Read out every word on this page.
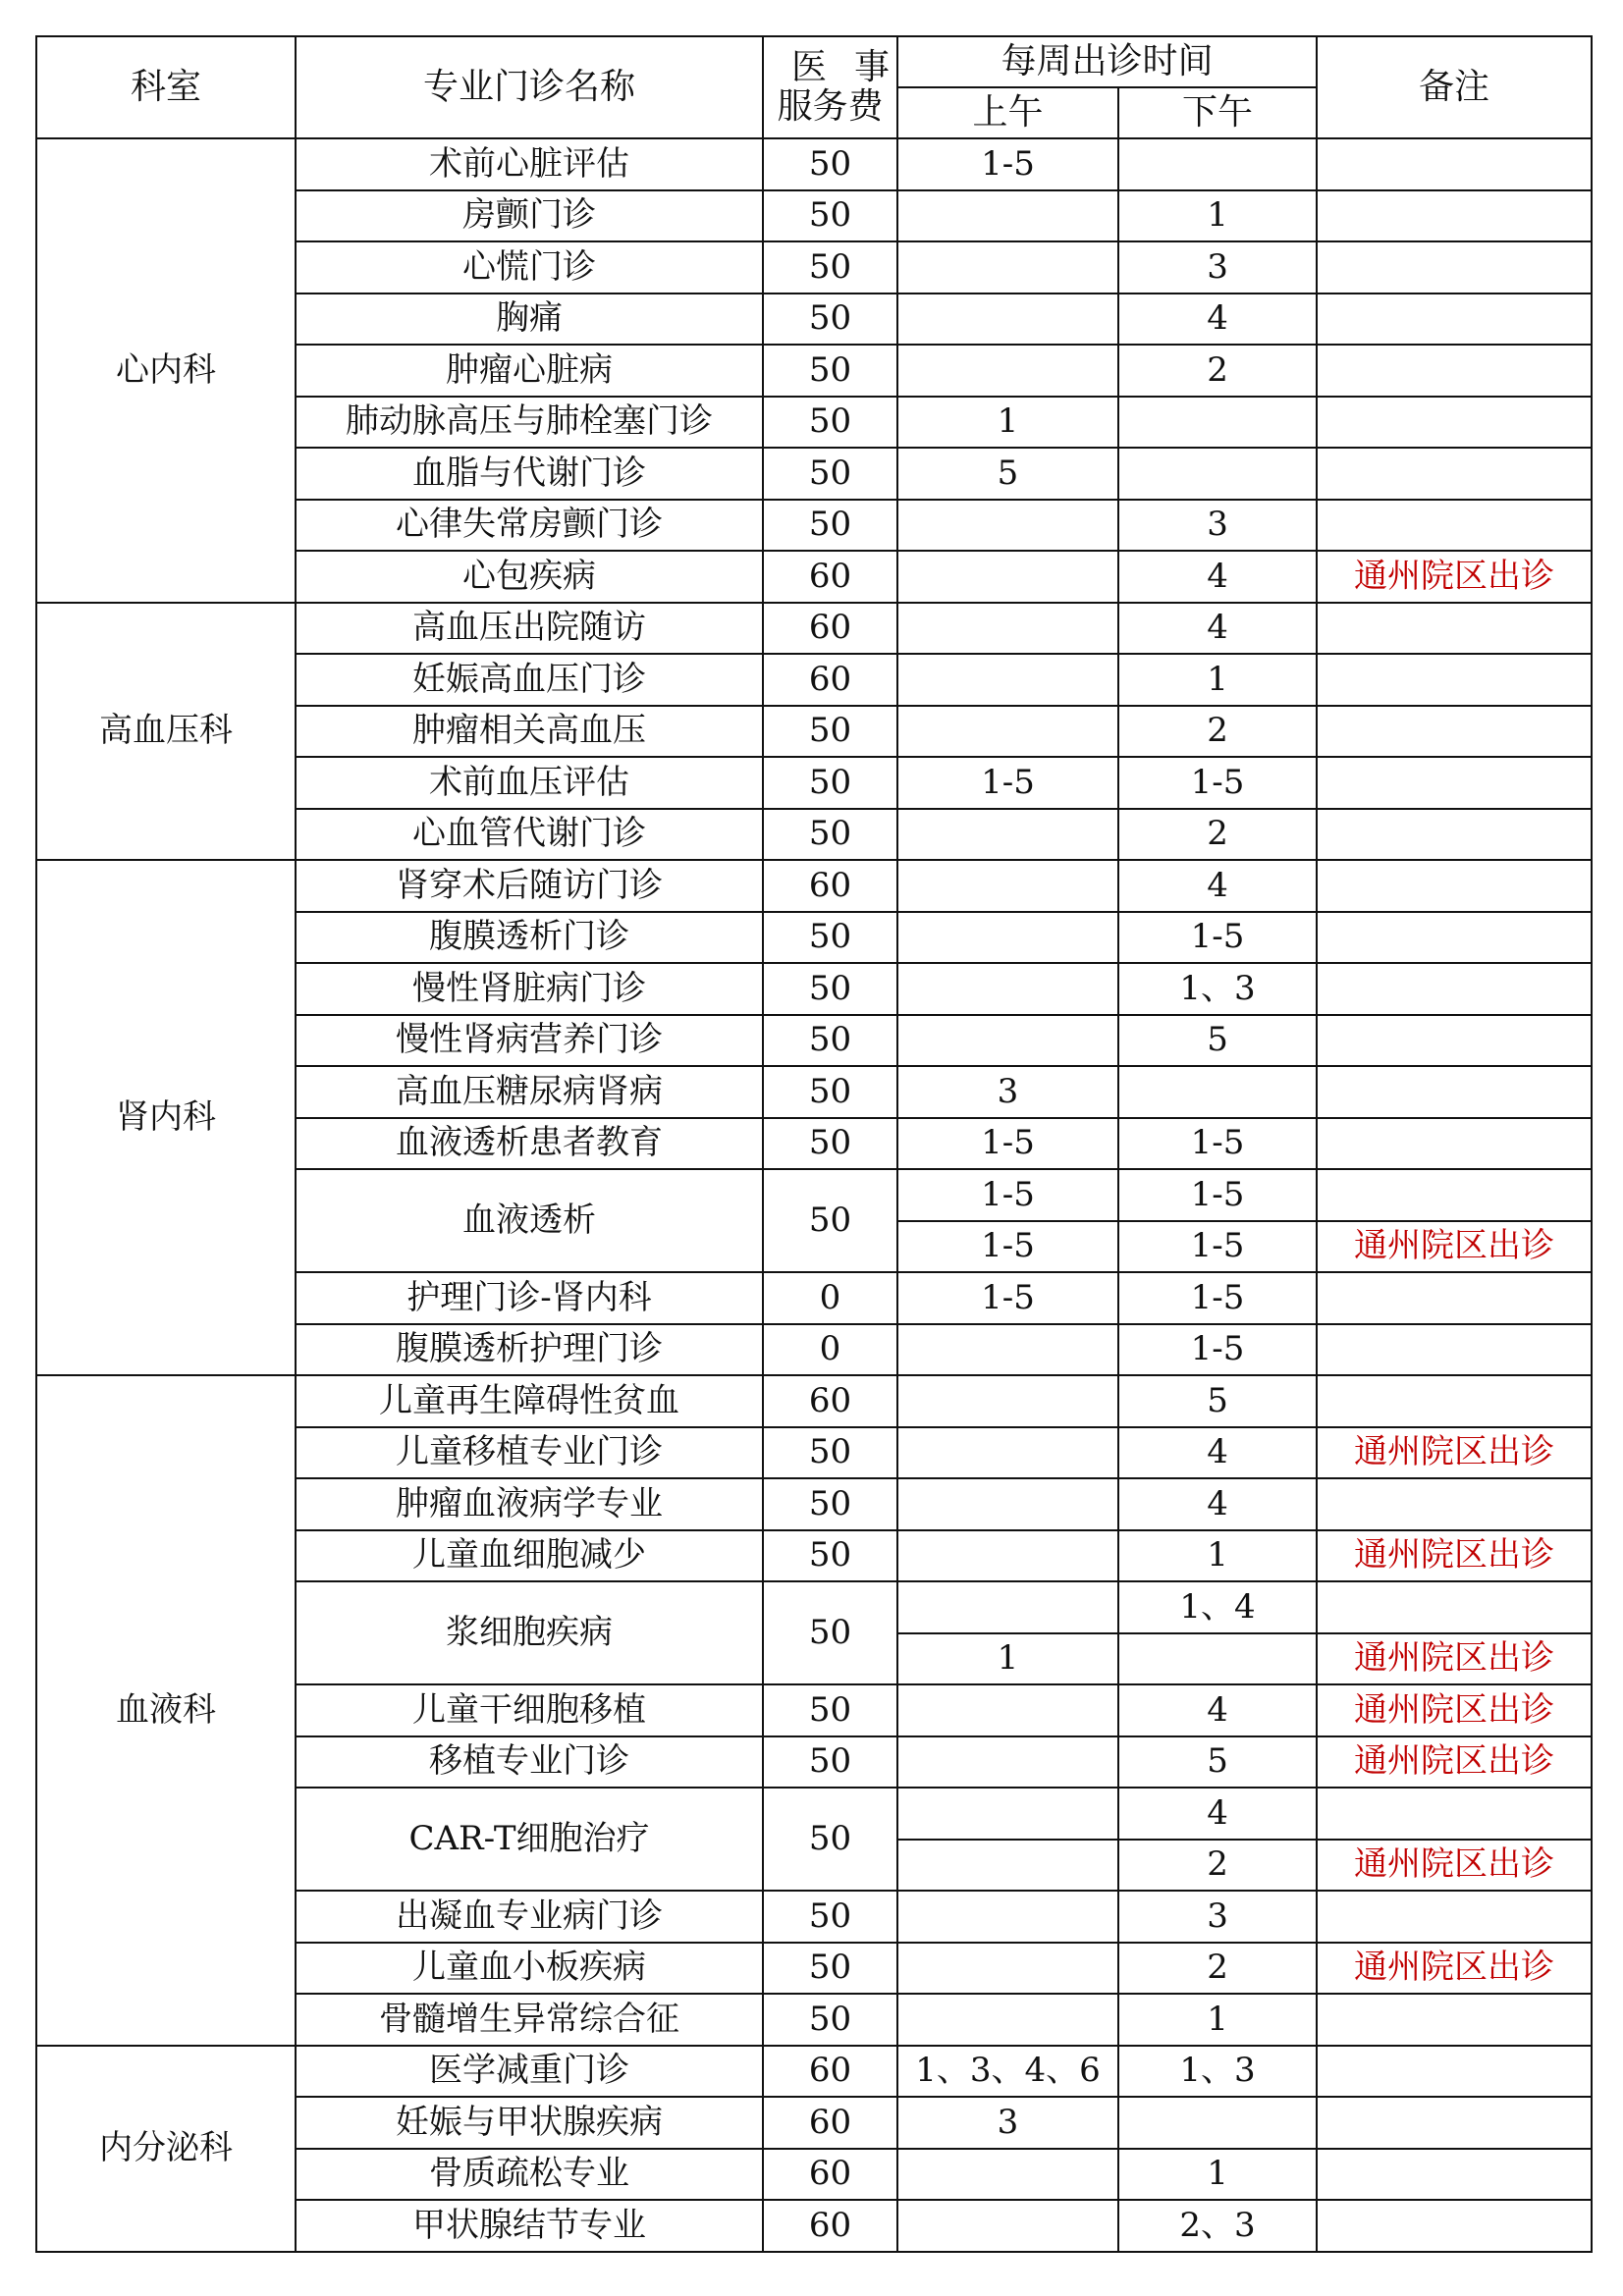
科室	专业门诊名称	医事
服务费	每周出诊时间		备注
			上午	下午	
心内科	术前心脏评估	50	1-5		
	房颤门诊	50		1	
	心慌门诊	50		3	
	胸痛	50		4	
	肿瘤心脏病	50		2	
	肺动脉高压与肺栓塞门诊	50	1		
	血脂与代谢门诊	50	5		
	心律失常房颤门诊	50		3	
	心包疾病	60		4	通州院区出诊
高血压科	高血压出院随访	60		4	
	妊娠高血压门诊	60		1	
	肿瘤相关高血压	50		2	
	术前血压评估	50	1-5	1-5	
	心血管代谢门诊	50		2	
肾内科	肾穿术后随访门诊	60		4	
	腹膜透析门诊	50		1-5	
	慢性肾脏病门诊	50		1、3	
	慢性肾病营养门诊	50		5	
	高血压糖尿病肾病	50	3		
	血液透析患者教育	50	1-5	1-5	
	血液透析	50	1-5	1-5	
			1-5	1-5	通州院区出诊
	护理门诊-肾内科	0	1-5	1-5	
	腹膜透析护理门诊	0		1-5	
血液科	儿童再生障碍性贫血	60		5	
	儿童移植专业门诊	50		4	通州院区出诊
	肿瘤血液病学专业	50		4	
	儿童血细胞减少	50		1	通州院区出诊
	浆细胞疾病	50		1、4	
			1		通州院区出诊
	儿童干细胞移植	50		4	通州院区出诊
	移植专业门诊	50		5	通州院区出诊
	CAR-T细胞治疗	50		4	
				2	通州院区出诊
	出凝血专业病门诊	50		3	
	儿童血小板疾病	50		2	通州院区出诊
	骨髓增生异常综合征	50		1	
内分泌科	医学减重门诊	60	1、3、4、6	1、3	
	妊娠与甲状腺疾病	60	3		
	骨质疏松专业	60		1	
	甲状腺结节专业	60		2、3	
